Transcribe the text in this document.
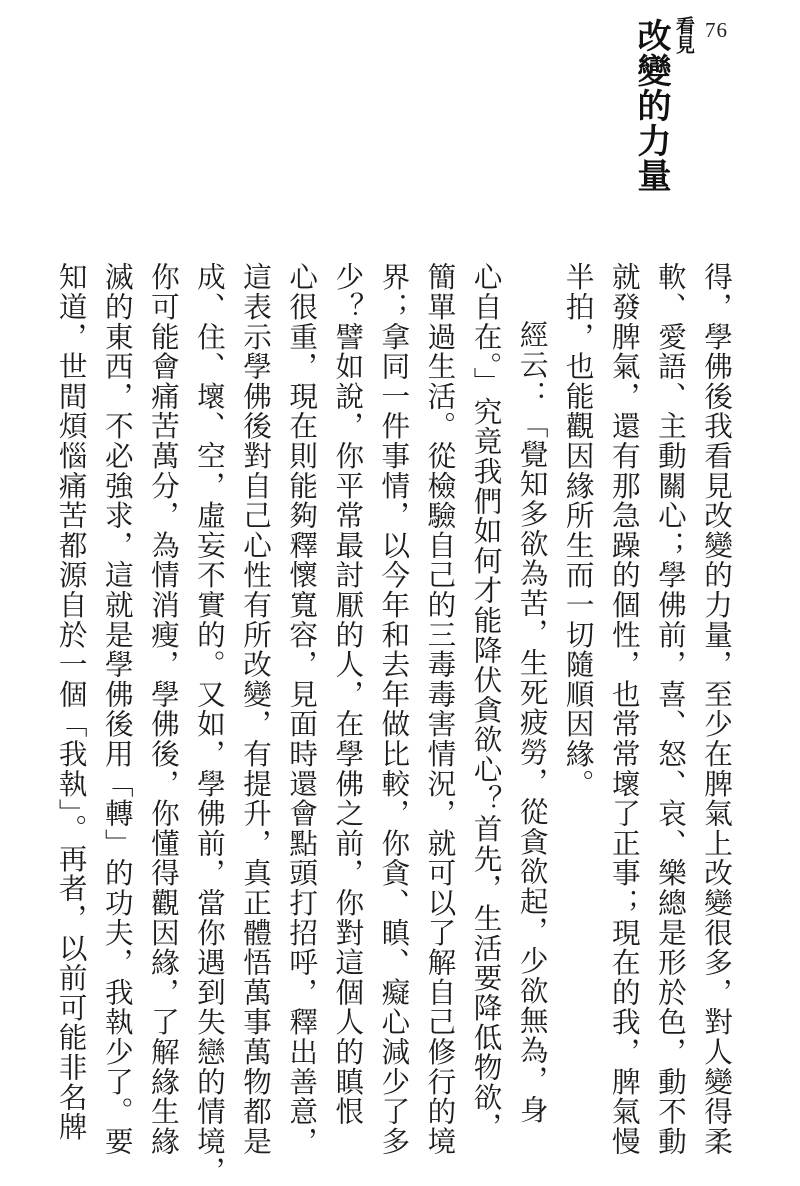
76
看見
改變的力量
得，學佛後我看見改變的力量，至少在脾氣上改變很多，對人變得柔
軟、愛語、主動關心；學佛前，喜、怒、哀、樂總是形於色，動不動
就發脾氣，還有那急躁的個性，也常常壞了正事；現在的我，脾氣慢
半拍，也能觀因緣所生而一切隨順因緣。
經云：「覺知多欲為苦，生死疲勞，從貪欲起，少欲無為，身
心自在。」究竟我們如何才能降伏貪欲心？首先，生活要降低物欲，
簡單過生活。從檢驗自己的三毒毒害情況，就可以了解自己修行的境
界；拿同一件事情，以今年和去年做比較，你貪、瞋、癡心減少了多
少？譬如說，你平常最討厭的人，在學佛之前，你對這個人的瞋恨
心很重，現在則能夠釋懷寬容，見面時還會點頭打招呼，釋出善意，
這表示學佛後對自己心性有所改變，有提升，真正體悟萬事萬物都是
成、住、壞、空，虛妄不實的。又如，學佛前，當你遇到失戀的情境，
你可能會痛苦萬分，為情消瘦，學佛後，你懂得觀因緣，了解緣生緣
滅的東西，不必強求，這就是學佛後用「轉」的功夫，我執少了。要
知道，世間煩惱痛苦都源自於一個「我執」。再者，以前可能非名牌
